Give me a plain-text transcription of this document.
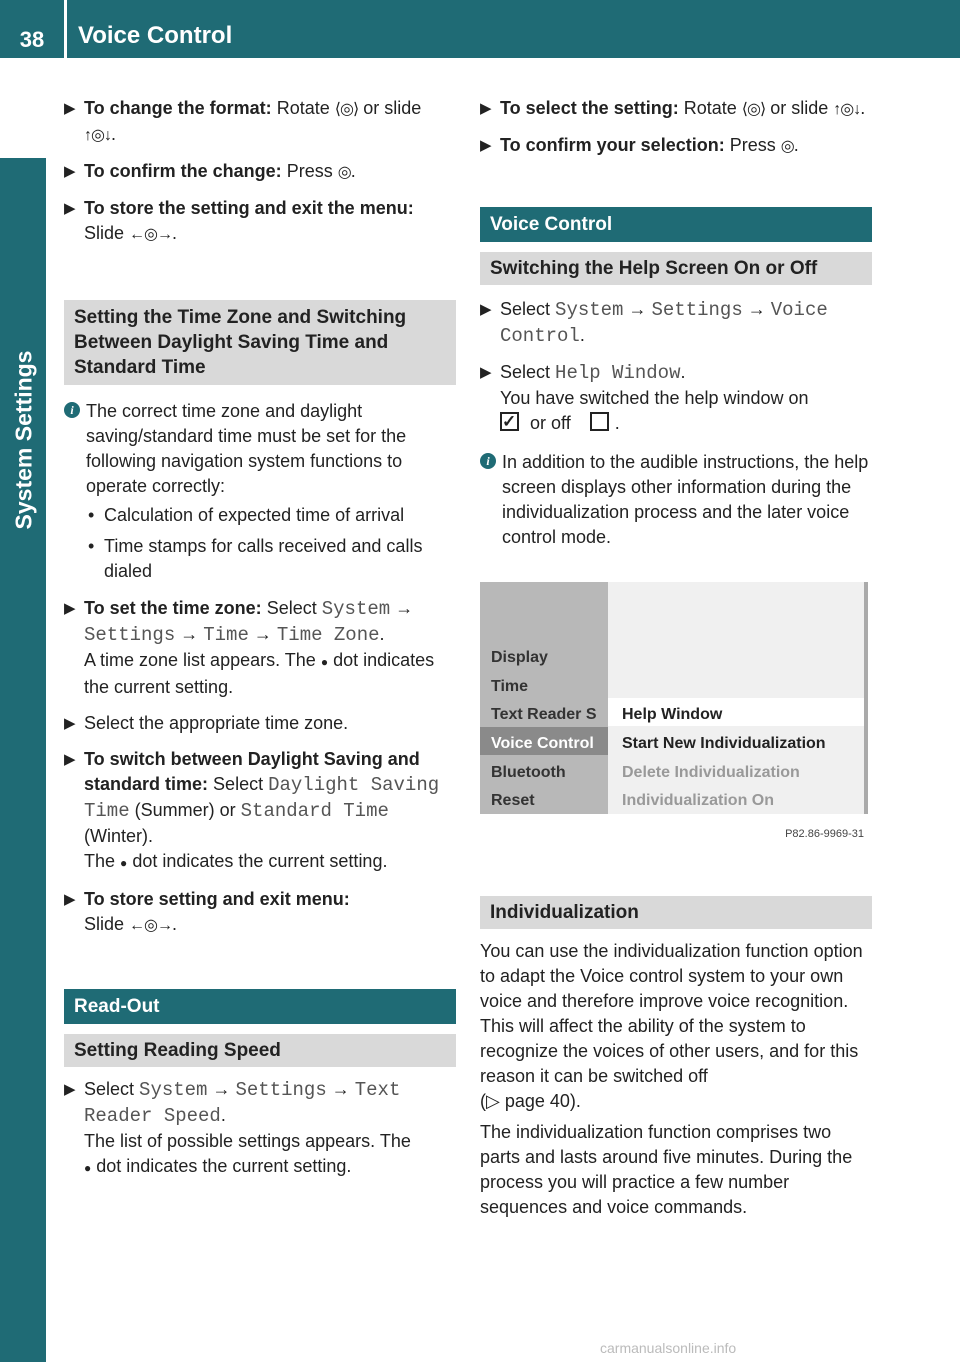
38	Voice Control
System Settings
▶ To change the format: Rotate ⟨◎⟩ or slide ↑◎↓.
▶ To confirm the change: Press ◎.
▶ To store the setting and exit the menu: Slide ←◎→.
Setting the Time Zone and Switching Between Daylight Saving Time and Standard Time
i The correct time zone and daylight saving/standard time must be set for the following navigation system functions to operate correctly:
• Calculation of expected time of arrival
• Time stamps for calls received and calls dialed
▶ To set the time zone: Select System → Settings → Time → Time Zone.
A time zone list appears. The ● dot indicates the current setting.
▶ Select the appropriate time zone.
▶ To switch between Daylight Saving and standard time: Select Daylight Saving Time (Summer) or Standard Time (Winter).
The ● dot indicates the current setting.
▶ To store setting and exit menu:
Slide ←◎→.
Read-Out
Setting Reading Speed
▶ Select System → Settings → Text Reader Speed.
The list of possible settings appears. The
● dot indicates the current setting.
▶ To select the setting: Rotate ⟨◎⟩ or slide ↑◎↓.
▶ To confirm your selection: Press ◎.
Voice Control
Switching the Help Screen On or Off
▶ Select System → Settings → Voice Control.
▶ Select Help Window.
You have switched the help window on

✓ or off .
i In addition to the audible instructions, the help screen displays other information during the individualization process and the later voice control mode.
Display
Time
Text Reader S
Voice Control
Bluetooth
Reset
Help Window
Start New Individualization
Delete Individualization
Individualization On
P82.86-9969-31
Individualization
You can use the individualization function option to adapt the Voice control system to your own voice and therefore improve voice recognition. This will affect the ability of the system to recognize the voices of other users, and for this reason it can be switched off
(▷ page 40).
The individualization function comprises two parts and lasts around five minutes. During the process you will practice a few number sequences and voice commands.
carmanualsonline.info
